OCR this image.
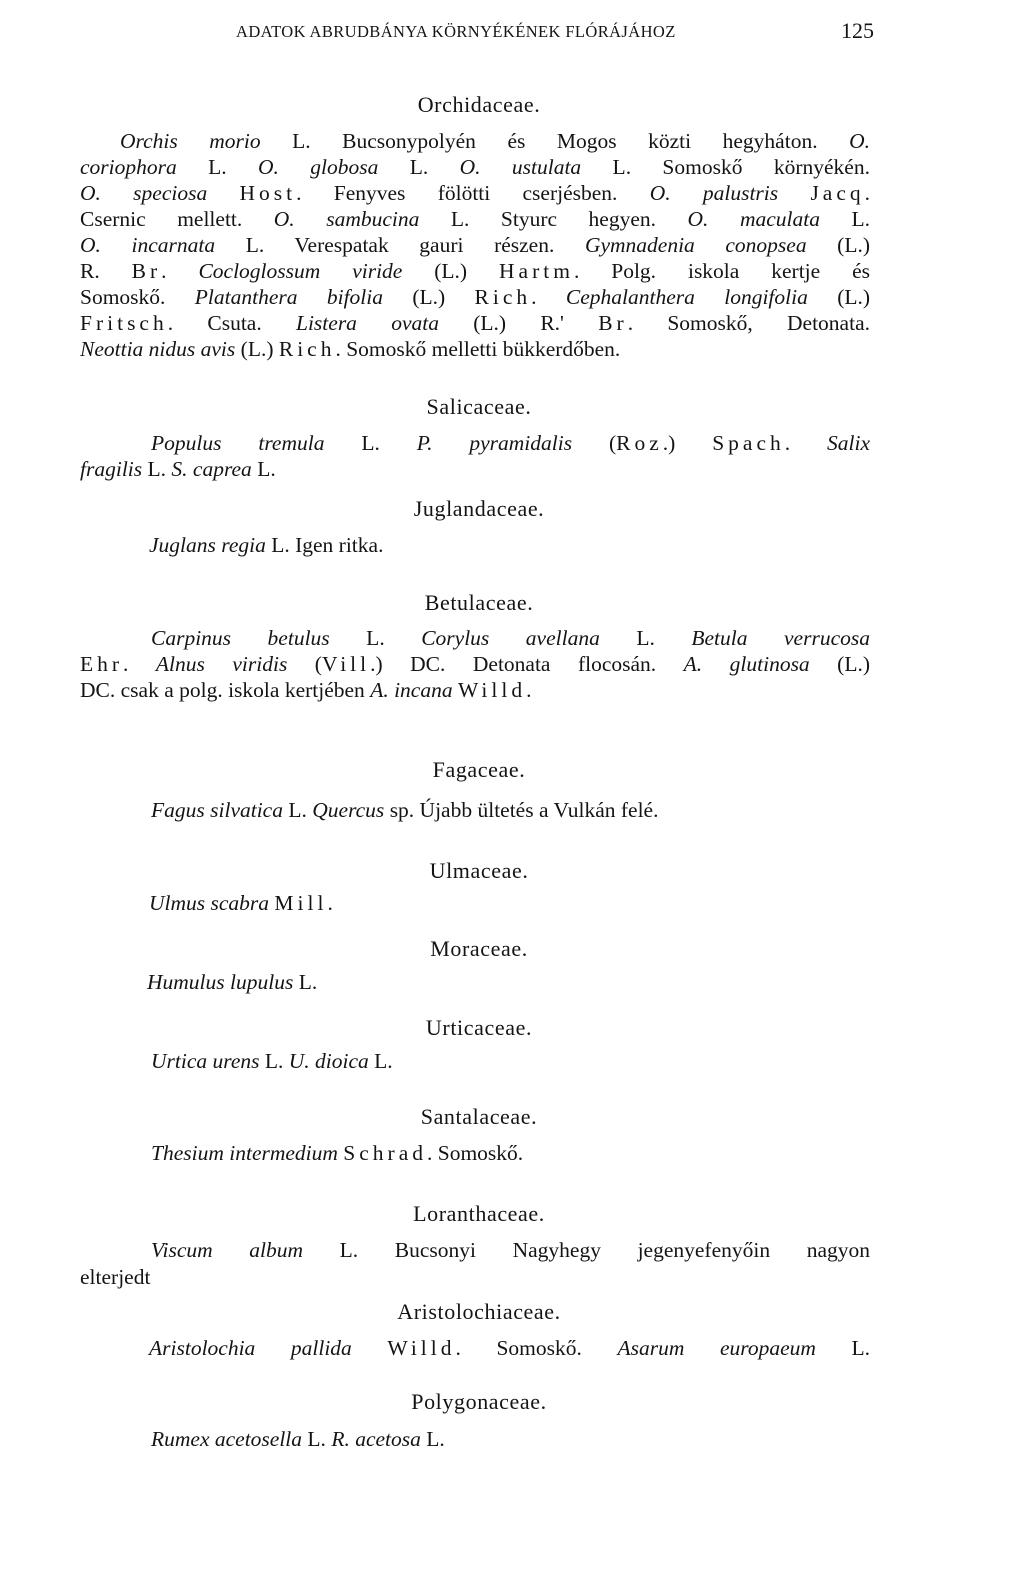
ADATOK ABRUDBÁNYA KÖRNYÉKÉNEK FLÓRÁJÁHOZ	125
Orchidaceae.
Orchis morio L. Bucsonypolyén és Mogos közti hegyháton. O.
coriophora L. O. globosa L. O. ustulata L. Somoskő környékén.
O. speciosa Host. Fenyves fölötti cserjésben. O. palustris Jacq.
Csernic mellett. O. sambucina L. Styurc hegyen. O. maculata L.
O. incarnata L. Verespatak gauri részen. Gymnadenia conopsea (L.)
R. Br. Cocloglossum viride (L.) Hartm. Polg. iskola kertje és
Somoskő. Platanthera bifolia (L.) Rich. Cephalanthera longifolia (L.)
Fritsch. Csuta. Listera ovata (L.) R.' Br. Somoskő, Detonata.
Neottia nidus avis (L.) Rich. Somoskő melletti bükkerdőben.
Salicaceae.
Populus tremula L. P. pyramidalis (Roz.) Spach. Salix
fragilis L. S. caprea L.
Juglandaceae.
Juglans regia L. Igen ritka.
Betulaceae.
Carpinus betulus L. Corylus avellana L. Betula verrucosa
Ehr. Alnus viridis (Vill.) DC. Detonata flocosán. A. glutinosa (L.)
DC. csak a polg. iskola kertjében A. incana Willd.
Fagaceae.
Fagus silvatica L. Quercus sp. Újabb ültetés a Vulkán felé.
Ulmaceae.
Ulmus scabra Mill.
Moraceae.
Humulus lupulus L.
Urticaceae.
Urtica urens L. U. dioica L.
Santalaceae.
Thesium intermedium Schrad. Somoskő.
Loranthaceae.
Viscum album L. Bucsonyi Nagyhegy jegenyefenyőin nagyon
elterjedt
Aristolochiaceae.
Aristolochia pallida Willd. Somoskő. Asarum europaeum L.
Polygonaceae.
Rumex acetosella L. R. acetosa L.
